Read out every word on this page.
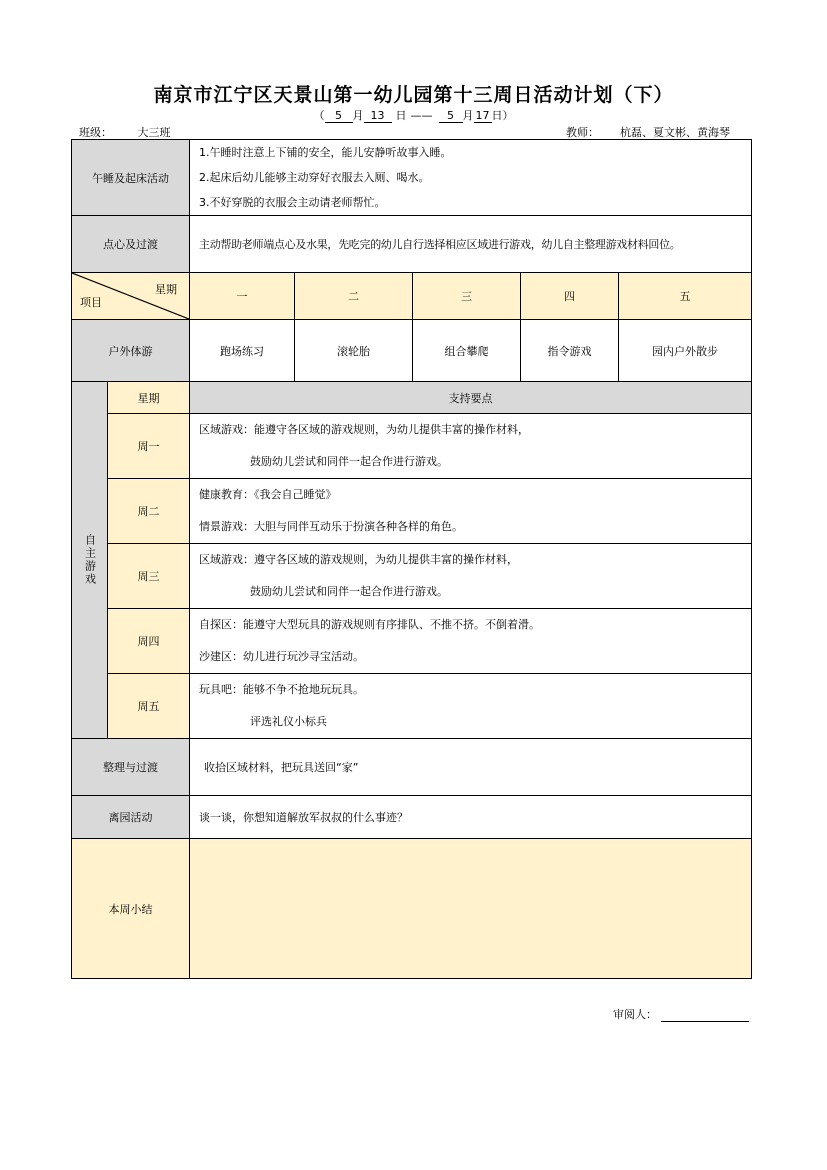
南京市江宁区天景山第一幼儿园第十三周日活动计划（下）
（ 5 月 13 日 —— 5 月 17 日）
班级： 大三班	教师： 杭磊、夏文彬、黄海琴
午睡及起床活动		1.午睡时注意上下铺的安全，能儿安静听故事入睡。
2.起床后幼儿能够主动穿好衣服去入厕、喝水。
3.不好穿脱的衣服会主动请老师帮忙。				

点心及过渡		主动帮助老师端点心及水果，先吃完的幼儿自行选择相应区域进行游戏，幼儿自主整理游戏材料回位。				

星期
项目		一	二	三	四	五
户外体游		跑场练习	滚轮胎	组合攀爬	指令游戏	园内户外散步

自主游戏	星期	支持要点				
	周一	区域游戏：能遵守各区域的游戏规则，为幼儿提供丰富的操作材料，
鼓励幼儿尝试和同伴一起合作进行游戏。				

	周二	健康教育：《我会自己睡觉》
情景游戏：大胆与同伴互动乐于扮演各种各样的角色。				

	周三	区域游戏：遵守各区域的游戏规则，为幼儿提供丰富的操作材料，
鼓励幼儿尝试和同伴一起合作进行游戏。				

	周四	自探区：能遵守大型玩具的游戏规则有序排队、不推不挤。不倒着滑。
沙建区：幼儿进行玩沙寻宝活动。				

	周五	玩具吧：能够不争不抢地玩玩具。
评选礼仪小标兵				

整理与过渡		收拾区域材料，把玩具送回“家”				
离园活动		谈一谈，你想知道解放军叔叔的什么事迹？				
本周小结						
审阅人：
